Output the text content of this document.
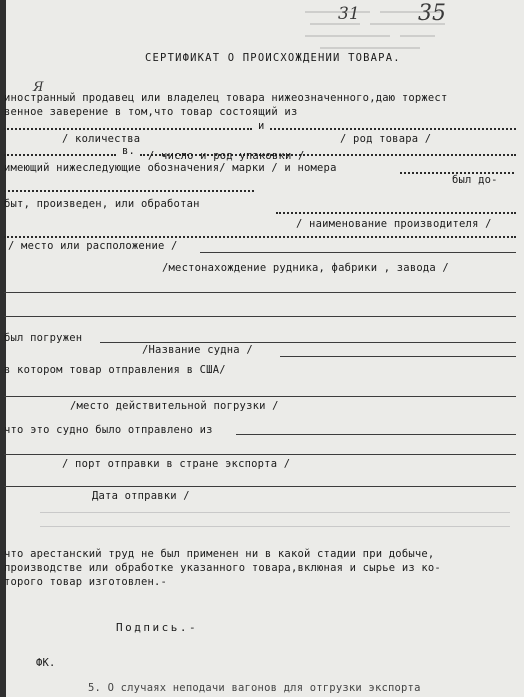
31	35
СЕРТИФИКАТ О ПРОИСХОЖДЕНИИ ТОВАРА.
Я
иностранный продавец или владелец товара нижеозначенного,даю торжест
венное заверение в том,что товар состоящий из
и
/ количества	/ род товара /
в. / число и род упаковки /
имеющий нижеследующие обозначения/ марки / и номера
был до-
быт, произведен, или обработан
/ наименование производителя /
/ место или расположение /
/местонахождение рудника, фабрики , завода /
был погружен
/Название судна /
в котором товар отправления в США/
/место действительной погрузки /
что это судно было отправлено из
/ порт отправки в стране экспорта /
Дата отправки /
что арестанский труд не был применен ни в какой стадии при добыче,
производстве или обработке указанного товара,вклюная и сырье из ко-
торого товар изготовлен.-
Подпись.-
ФК.
5. О случаях неподачи вагонов для отгрузки экспорта
